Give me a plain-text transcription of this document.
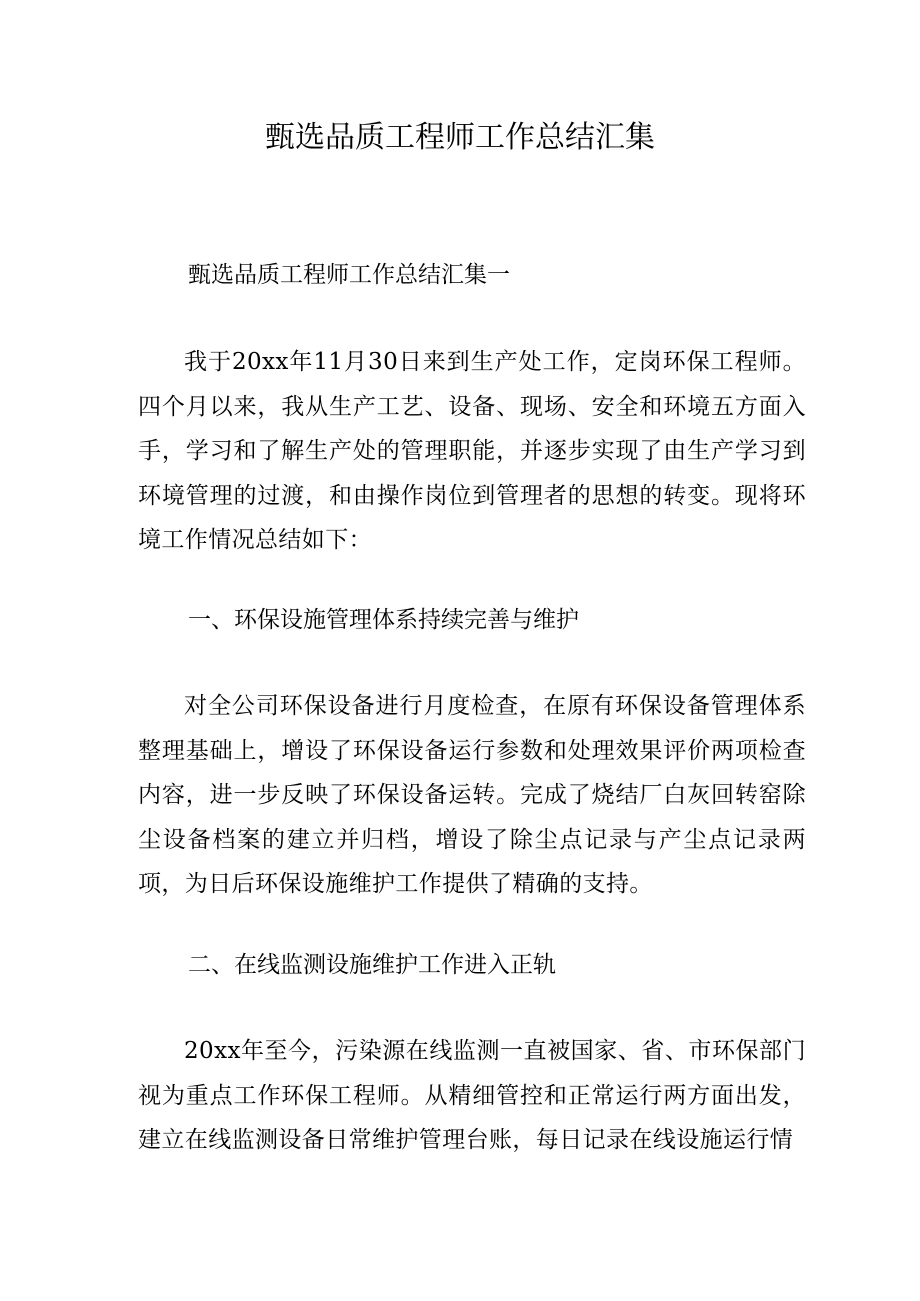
甄选品质工程师工作总结汇集

甄选品质工程师工作总结汇集一

我于20xx年11月30日来到生产处工作，定岗环保工程师。四个月以来，我从生产工艺、设备、现场、安全和环境五方面入手，学习和了解生产处的管理职能，并逐步实现了由生产学习到环境管理的过渡，和由操作岗位到管理者的思想的转变。现将环境工作情况总结如下：

一、环保设施管理体系持续完善与维护

对全公司环保设备进行月度检查，在原有环保设备管理体系整理基础上，增设了环保设备运行参数和处理效果评价两项检查内容，进一步反映了环保设备运转。完成了烧结厂白灰回转窑除尘设备档案的建立并归档，增设了除尘点记录与产尘点记录两项，为日后环保设施维护工作提供了精确的支持。

二、在线监测设施维护工作进入正轨

20xx年至今，污染源在线监测一直被国家、省、市环保部门视为重点工作环保工程师。从精细管控和正常运行两方面出发，建立在线监测设备日常维护管理台账，每日记录在线设施运行情
